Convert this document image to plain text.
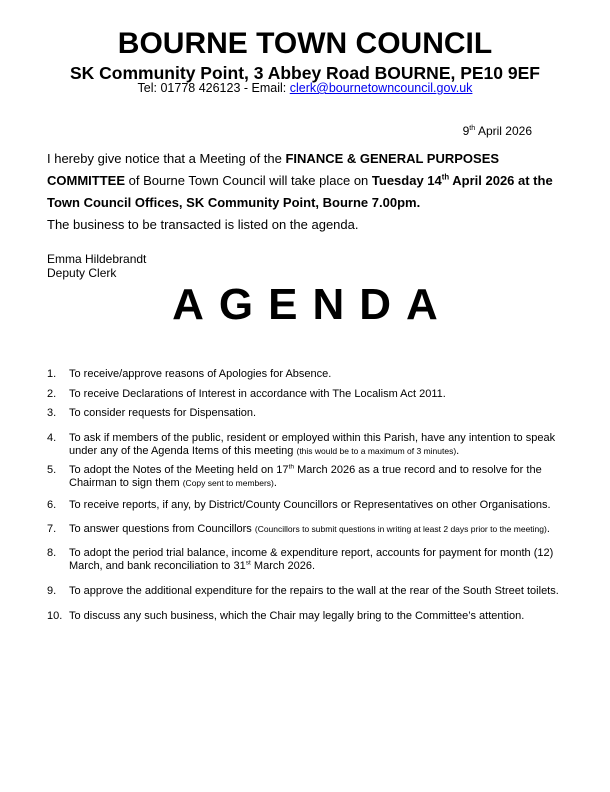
BOURNE TOWN COUNCIL
SK Community Point, 3 Abbey Road BOURNE, PE10 9EF
Tel: 01778 426123 - Email: clerk@bournetowncouncil.gov.uk
9th April 2026
I hereby give notice that a Meeting of the FINANCE & GENERAL PURPOSES COMMITTEE of Bourne Town Council will take place on Tuesday 14th April 2026 at the Town Council Offices, SK Community Point, Bourne 7.00pm.
The business to be transacted is listed on the agenda.
Emma Hildebrandt
Deputy Clerk
AGENDA
1. To receive/approve reasons of Apologies for Absence.
2. To receive Declarations of Interest in accordance with The Localism Act 2011.
3. To consider requests for Dispensation.
4. To ask if members of the public, resident or employed within this Parish, have any intention to speak under any of the Agenda Items of this meeting (this would be to a maximum of 3 minutes).
5. To adopt the Notes of the Meeting held on 17th March 2026 as a true record and to resolve for the Chairman to sign them (Copy sent to members).
6. To receive reports, if any, by District/County Councillors or Representatives on other Organisations.
7. To answer questions from Councillors (Councillors to submit questions in writing at least 2 days prior to the meeting).
8. To adopt the period trial balance, income & expenditure report, accounts for payment for month (12) March, and bank reconciliation to 31st March 2026.
9. To approve the additional expenditure for the repairs to the wall at the rear of the South Street toilets.
10. To discuss any such business, which the Chair may legally bring to the Committee’s attention.
